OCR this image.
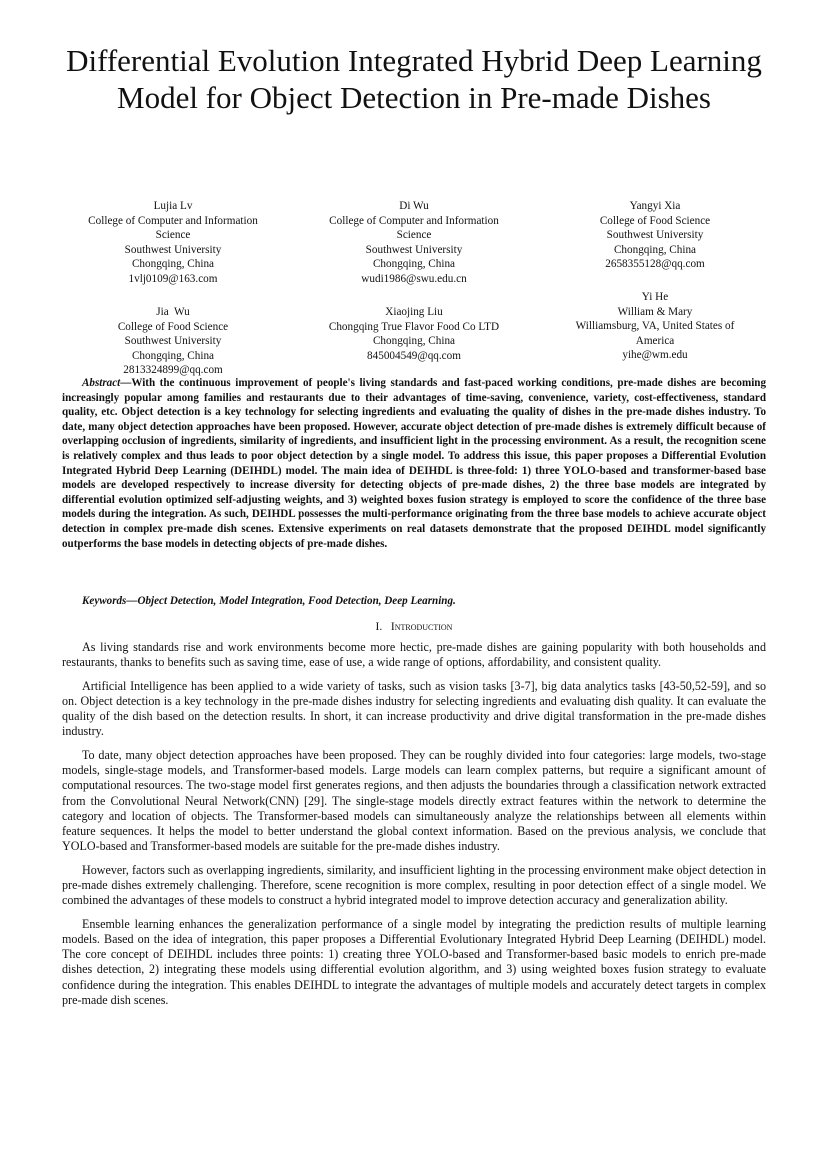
Differential Evolution Integrated Hybrid Deep Learning Model for Object Detection in Pre-made Dishes
Lujia Lv
College of Computer and Information
Science
Southwest University
Chongqing, China
1vlj0109@163.com
Di Wu
College of Computer and Information
Science
Southwest University
Chongqing, China
wudi1986@swu.edu.cn
Yangyi Xia
College of Food Science
Southwest University
Chongqing, China
2658355128@qq.com
Jia  Wu
College of Food Science
Southwest University
Chongqing, China
2813324899@qq.com
Xiaojing Liu
Chongqing True Flavor Food Co LTD
Chongqing, China
845004549@qq.com
Yi He
William & Mary
Williamsburg, VA, United States of America
yihe@wm.edu

Abstract—With the continuous improvement of people's living standards and fast-paced working conditions, pre-made dishes are becoming increasingly popular among families and restaurants due to their advantages of time-saving, convenience, variety, cost-effectiveness, standard quality, etc. Object detection is a key technology for selecting ingredients and evaluating the quality of dishes in the pre-made dishes industry. To date, many object detection approaches have been proposed. However, accurate object detection of pre-made dishes is extremely difficult because of overlapping occlusion of ingredients, similarity of ingredients, and insufficient light in the processing environment. As a result, the recognition scene is relatively complex and thus leads to poor object detection by a single model. To address this issue, this paper proposes a Differential Evolution Integrated Hybrid Deep Learning (DEIHDL) model. The main idea of DEIHDL is three-fold: 1) three YOLO-based and transformer-based base models are developed respectively to increase diversity for detecting objects of pre-made dishes, 2) the three base models are integrated by differential evolution optimized self-adjusting weights, and 3) weighted boxes fusion strategy is employed to score the confidence of the three base models during the integration. As such, DEIHDL possesses the multi-performance originating from the three base models to achieve accurate object detection in complex pre-made dish scenes. Extensive experiments on real datasets demonstrate that the proposed DEIHDL model significantly outperforms the base models in detecting objects of pre-made dishes.

Keywords—Object Detection, Model Integration, Food Detection, Deep Learning.

I. Introduction

As living standards rise and work environments become more hectic, pre-made dishes are gaining popularity with both households and restaurants, thanks to benefits such as saving time, ease of use, a wide range of options, affordability, and consistent quality.

Artificial Intelligence has been applied to a wide variety of tasks, such as vision tasks [3-7], big data analytics tasks [43-50,52-59], and so on. Object detection is a key technology in the pre-made dishes industry for selecting ingredients and evaluating dish quality. It can evaluate the quality of the dish based on the detection results. In short, it can increase productivity and drive digital transformation in the pre-made dishes industry.

To date, many object detection approaches have been proposed. They can be roughly divided into four categories: large models, two-stage models, single-stage models, and Transformer-based models. Large models can learn complex patterns, but require a significant amount of computational resources. The two-stage model first generates regions, and then adjusts the boundaries through a classification network extracted from the Convolutional Neural Network(CNN) [29]. The single-stage models directly extract features within the network to determine the category and location of objects. The Transformer-based models can simultaneously analyze the relationships between all elements within feature sequences. It helps the model to better understand the global context information. Based on the previous analysis, we conclude that YOLO-based and Transformer-based models are suitable for the pre-made dishes industry.

However, factors such as overlapping ingredients, similarity, and insufficient lighting in the processing environment make object detection in pre-made dishes extremely challenging. Therefore, scene recognition is more complex, resulting in poor detection effect of a single model. We combined the advantages of these models to construct a hybrid integrated model to improve detection accuracy and generalization ability.

Ensemble learning enhances the generalization performance of a single model by integrating the prediction results of multiple learning models. Based on the idea of integration, this paper proposes a Differential Evolutionary Integrated Hybrid Deep Learning (DEIHDL) model. The core concept of DEIHDL includes three points: 1) creating three YOLO-based and Transformer-based basic models to enrich pre-made dishes detection, 2) integrating these models using differential evolution algorithm, and 3) using weighted boxes fusion strategy to evaluate confidence during the integration. This enables DEIHDL to integrate the advantages of multiple models and accurately detect targets in complex pre-made dish scenes.
